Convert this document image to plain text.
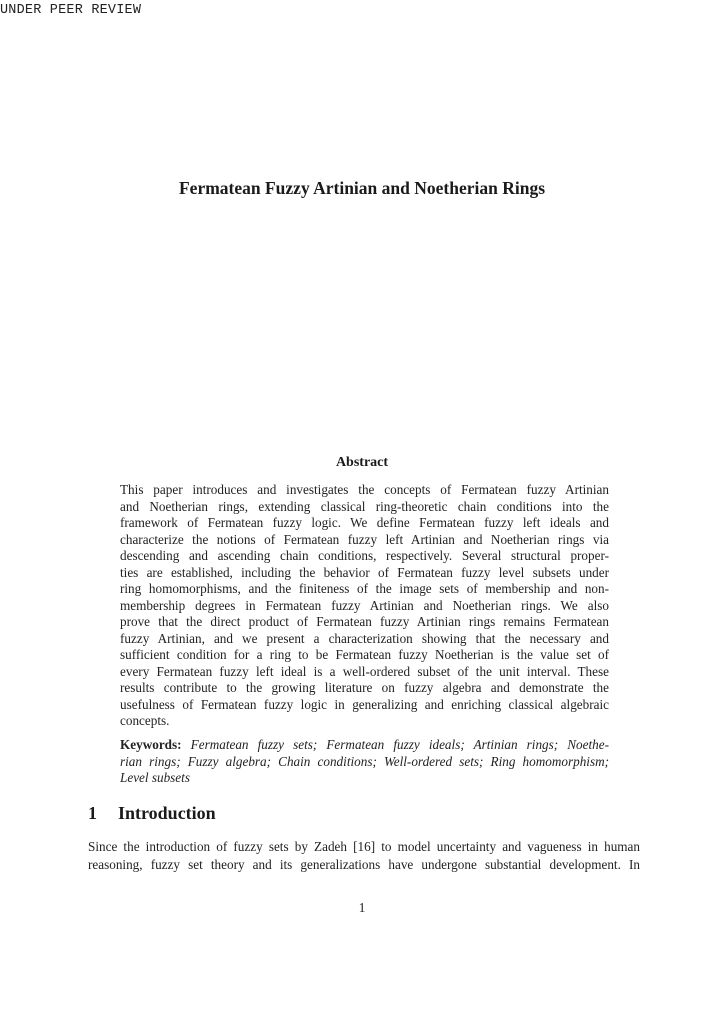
UNDER PEER REVIEW
Fermatean Fuzzy Artinian and Noetherian Rings
Abstract
This paper introduces and investigates the concepts of Fermatean fuzzy Artinian
and Noetherian rings, extending classical ring-theoretic chain conditions into the
framework of Fermatean fuzzy logic. We define Fermatean fuzzy left ideals and
characterize the notions of Fermatean fuzzy left Artinian and Noetherian rings via
descending and ascending chain conditions, respectively. Several structural proper-
ties are established, including the behavior of Fermatean fuzzy level subsets under
ring homomorphisms, and the finiteness of the image sets of membership and non-
membership degrees in Fermatean fuzzy Artinian and Noetherian rings. We also
prove that the direct product of Fermatean fuzzy Artinian rings remains Fermatean
fuzzy Artinian, and we present a characterization showing that the necessary and
sufficient condition for a ring to be Fermatean fuzzy Noetherian is the value set of
every Fermatean fuzzy left ideal is a well-ordered subset of the unit interval. These
results contribute to the growing literature on fuzzy algebra and demonstrate the
usefulness of Fermatean fuzzy logic in generalizing and enriching classical algebraic
concepts.
Keywords: Fermatean fuzzy sets; Fermatean fuzzy ideals; Artinian rings; Noethe-
rian rings; Fuzzy algebra; Chain conditions; Well-ordered sets; Ring homomorphism;
Level subsets
1 Introduction
Since the introduction of fuzzy sets by Zadeh [16] to model uncertainty and vagueness in human
reasoning, fuzzy set theory and its generalizations have undergone substantial development. In
1
